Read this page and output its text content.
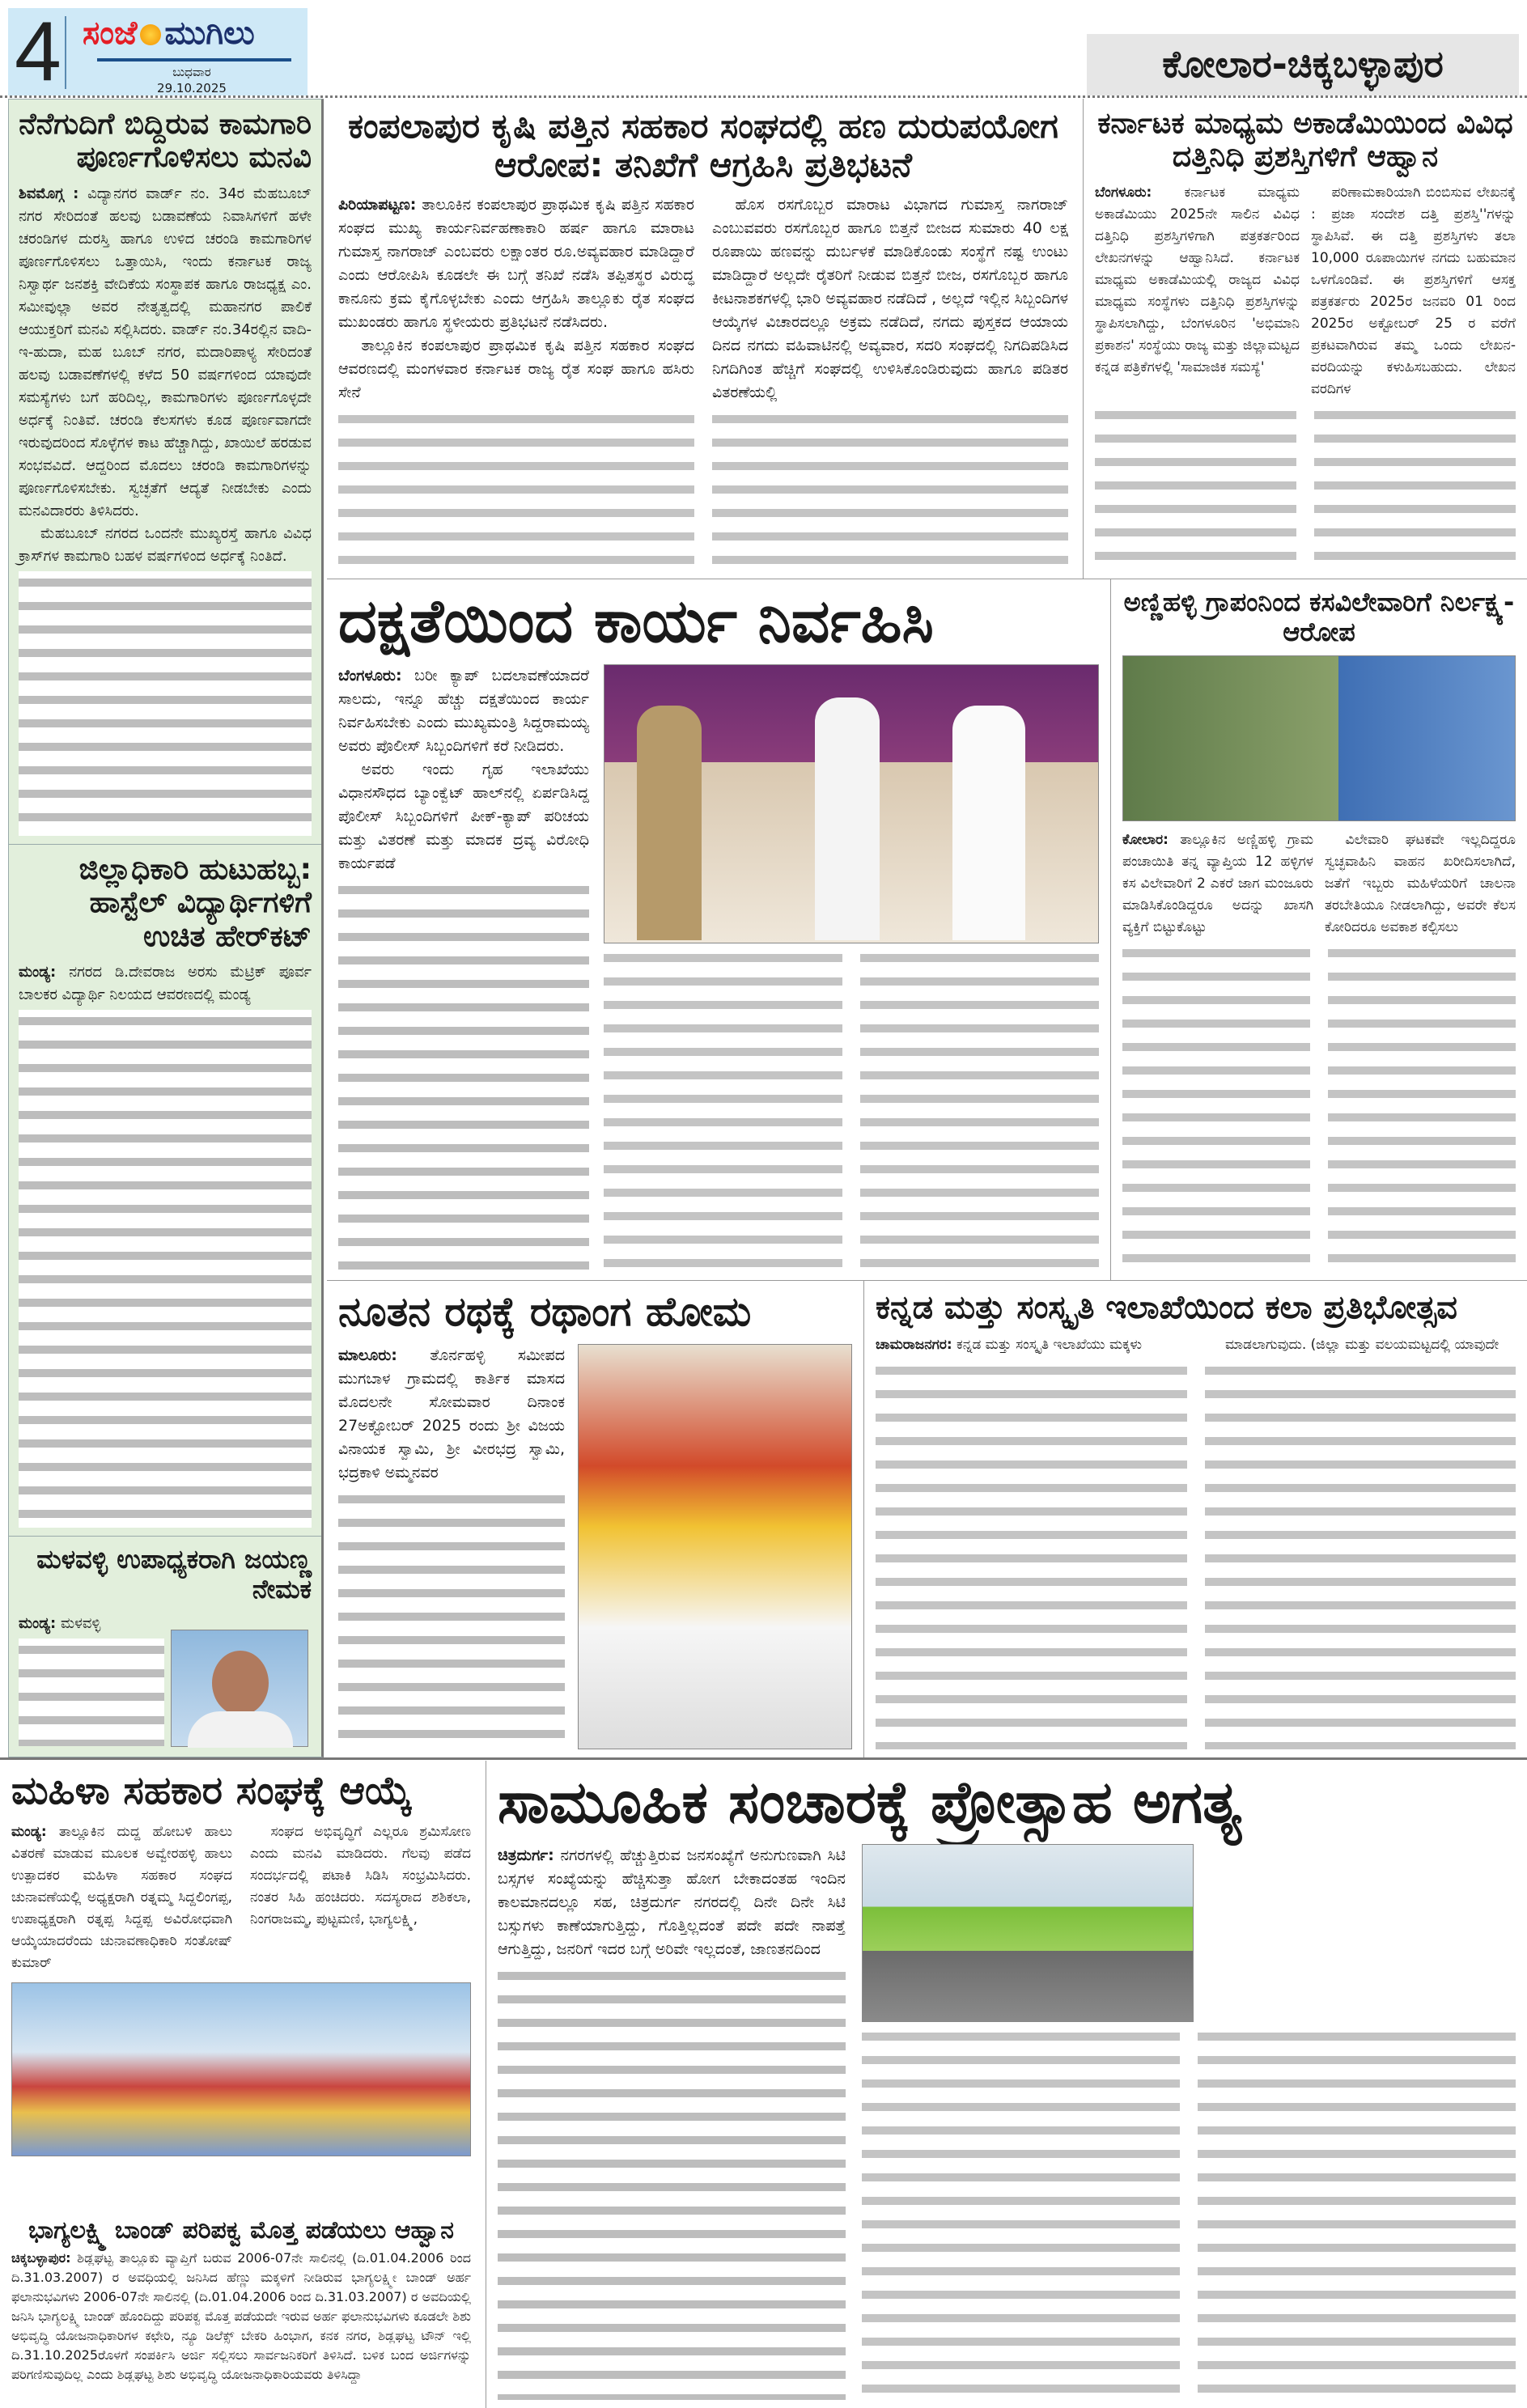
4 ಸಂಜೆ ಮುಗಿಲು
ಬುಧವಾರ
29.10.2025
ಕೋಲಾರ-ಚಿಕ್ಕಬಳ್ಳಾಪುರ
ನೆನೆಗುದಿಗೆ ಬಿದ್ದಿರುವ ಕಾಮಗಾರಿ ಪೂರ್ಣಗೊಳಿಸಲು ಮನವಿ

ಶಿವಮೊಗ್ಗ : ವಿದ್ಯಾನಗರ ವಾರ್ಡ್ ನಂ. 34ರ ಮೆಹಬೂಬ್ ನಗರ ಸೇರಿದಂತೆ ಹಲವು ಬಡಾವಣೆಯ ನಿವಾಸಿಗಳಿಗೆ ಹಳೇ ಚರಂಡಿಗಳ ದುರಸ್ತಿ ಹಾಗೂ ಉಳಿದ ಚರಂಡಿ ಕಾಮಗಾರಿಗಳ ಪೂರ್ಣಗೊಳಿಸಲು ಒತ್ತಾಯಿಸಿ, ಇಂದು ಕರ್ನಾಟಕ ರಾಜ್ಯ ನಿಸ್ವಾರ್ಥ ಜನಶಕ್ತಿ ವೇದಿಕೆಯ ಸಂಸ್ಥಾಪಕ ಹಾಗೂ ರಾಜಧ್ಯಕ್ಷ ಎಂ. ಸಮೀವುಲ್ಲಾ ಅವರ ನೇತೃತ್ವದಲ್ಲಿ ಮಹಾನಗರ ಪಾಲಿಕೆ ಆಯುಕ್ತರಿಗೆ ಮನವಿ ಸಲ್ಲಿಸಿದರು. ವಾರ್ಡ್ ನಂ.34ರಲ್ಲಿನ ವಾದಿ-ಇ-ಹುದಾ, ಮಹ ಬೂಬ್ ನಗರ, ಮದಾರಿಪಾಳ್ಯ ಸೇರಿದಂತೆ ಹಲವು ಬಡಾವಣೆಗಳಲ್ಲಿ ಕಳೆದ 50 ವರ್ಷಗಳಿಂದ ಯಾವುದೇ ಸಮಸ್ಯೆಗಳು ಬಗೆ ಹರಿದಿಲ್ಲ, ಕಾಮಗಾರಿಗಳು ಪೂರ್ಣಗೊಳ್ಳದೇ ಅರ್ಧಕ್ಕೆ ನಿಂತಿವೆ. ಚರಂಡಿ ಕೆಲಸಗಳು ಕೂಡ ಪೂರ್ಣವಾಗದೇ ಇರುವುದರಿಂದ ಸೊಳ್ಳೆಗಳ ಕಾಟ ಹೆಚ್ಚಾಗಿದ್ದು, ಖಾಯಿಲೆ ಹರಡುವ ಸಂಭವವಿದೆ. ಆದ್ದರಿಂದ ಮೊದಲು ಚರಂಡಿ ಕಾಮಗಾರಿಗಳನ್ನು ಪೂರ್ಣಗೊಳಿಸಬೇಕು. ಸ್ವಚ್ಛತೆಗೆ ಆದ್ಯತೆ ನೀಡಬೇಕು ಎಂದು ಮನವಿದಾರರು ತಿಳಿಸಿದರು.

ಮೆಹಬೂಬ್ ನಗರದ ಒಂದನೇ ಮುಖ್ಯರಸ್ತೆ ಹಾಗೂ ವಿವಿಧ ಕ್ರಾಸ್‌ಗಳ ಕಾಮಗಾರಿ ಬಹಳ ವರ್ಷಗಳಿಂದ ಅರ್ಧಕ್ಕೆ ನಿಂತಿದೆ.

ಜಿಲ್ಲಾಧಿಕಾರಿ ಹುಟುಹಬ್ಬ: ಹಾಸ್ಟೆಲ್ ವಿದ್ಯಾರ್ಥಿಗಳಿಗೆ ಉಚಿತ ಹೇರ್‌ಕಟ್

ಮಂಡ್ಯ: ನಗರದ ಡಿ.ದೇವರಾಜ ಅರಸು ಮೆಟ್ರಿಕ್ ಪೂರ್ವ ಬಾಲಕರ ವಿದ್ಯಾರ್ಥಿ ನಿಲಯದ ಆವರಣದಲ್ಲಿ ಮಂಡ್ಯ

ಮಳವಳ್ಳಿ ಉಪಾಧ್ಯಕರಾಗಿ ಜಯಣ್ಣ ನೇಮಕ

ಮಂಡ್ಯ: ಮಳವಳ್ಳಿ

ಕಂಪಲಾಪುರ ಕೃಷಿ ಪತ್ತಿನ ಸಹಕಾರ ಸಂಘದಲ್ಲಿ ಹಣ ದುರುಪಯೋಗ ಆರೋಪ: ತನಿಖೆಗೆ ಆಗ್ರಹಿಸಿ ಪ್ರತಿಭಟನೆ

ಪಿರಿಯಾಪಟ್ಟಣ: ತಾಲೂಕಿನ ಕಂಪಲಾಪುರ ಪ್ರಾಥಮಿಕ ಕೃಷಿ ಪತ್ತಿನ ಸಹಕಾರ ಸಂಘದ ಮುಖ್ಯ ಕಾರ್ಯನಿರ್ವಹಣಾಕಾರಿ ಹರ್ಷ ಹಾಗೂ ಮಾರಾಟ ಗುಮಾಸ್ತ ನಾಗರಾಜ್ ಎಂಬವರು ಲಕ್ಷಾಂತರ ರೂ.ಅವ್ಯವಹಾರ ಮಾಡಿದ್ದಾರೆ ಎಂದು ಆರೋಪಿಸಿ ಕೂಡಲೇ ಈ ಬಗ್ಗೆ ತನಿಖೆ ನಡೆಸಿ ತಪ್ಪಿತಸ್ಥರ ವಿರುದ್ಧ ಕಾನೂನು ಕ್ರಮ ಕೈಗೊಳ್ಳಬೇಕು ಎಂದು ಆಗ್ರಹಿಸಿ ತಾಲ್ಲೂಕು ರೈತ ಸಂಘದ ಮುಖಂಡರು ಹಾಗೂ ಸ್ಥಳೀಯರು ಪ್ರತಿಭಟನೆ ನಡೆಸಿದರು.

ತಾಲ್ಲೂಕಿನ ಕಂಪಲಾಪುರ ಪ್ರಾಥಮಿಕ ಕೃಷಿ ಪತ್ತಿನ ಸಹಕಾರ ಸಂಘದ ಆವರಣದಲ್ಲಿ ಮಂಗಳವಾರ ಕರ್ನಾಟಕ ರಾಜ್ಯ ರೈತ ಸಂಘ ಹಾಗೂ ಹಸಿರು ಸೇನೆ

ಹೊಸ ರಸಗೊಬ್ಬರ ಮಾರಾಟ ವಿಭಾಗದ ಗುಮಾಸ್ತ ನಾಗರಾಜ್ ಎಂಬುವವರು ರಸಗೊಬ್ಬರ ಹಾಗೂ ಬಿತ್ತನೆ ಬೀಜದ ಸುಮಾರು 40 ಲಕ್ಷ ರೂಪಾಯಿ ಹಣವನ್ನು ದುರ್ಬಳಕೆ ಮಾಡಿಕೊಂಡು ಸಂಸ್ಥೆಗೆ ನಷ್ಟ ಉಂಟು ಮಾಡಿದ್ದಾರೆ ಅಲ್ಲದೇ ರೈತರಿಗೆ ನೀಡುವ ಬಿತ್ತನೆ ಬೀಜ, ರಸಗೊಬ್ಬರ ಹಾಗೂ ಕೀಟನಾಶಕಗಳಲ್ಲಿ ಭಾರಿ ಅವ್ಯವಹಾರ ನಡೆದಿದೆ , ಅಲ್ಲದೆ ಇಲ್ಲಿನ ಸಿಬ್ಬಂದಿಗಳ ಆಯ್ಕೆಗಳ ವಿಚಾರದಲ್ಲೂ ಅಕ್ರಮ ನಡೆದಿದೆ, ನಗದು ಪುಸ್ತಕದ ಆಯಾಯ ದಿನದ ನಗದು ವಹಿವಾಟಿನಲ್ಲಿ ಅವ್ಯವಾರ, ಸದರಿ ಸಂಘದಲ್ಲಿ ನಿಗದಿಪಡಿಸಿದ ನಿಗದಿಗಿಂತ ಹೆಚ್ಚಿಗೆ ಸಂಘದಲ್ಲಿ ಉಳಿಸಿಕೊಂಡಿರುವುದು ಹಾಗೂ ಪಡಿತರ ವಿತರಣೆಯಲ್ಲಿ

ಕರ್ನಾಟಕ ಮಾಧ್ಯಮ ಅಕಾಡೆಮಿಯಿಂದ ವಿವಿಧ ದತ್ತಿನಿಧಿ ಪ್ರಶಸ್ತಿಗಳಿಗೆ ಆಹ್ವಾನ

ಬೆಂಗಳೂರು: ಕರ್ನಾಟಕ ಮಾಧ್ಯಮ ಅಕಾಡೆಮಿಯು 2025ನೇ ಸಾಲಿನ ವಿವಿಧ ದತ್ತಿನಿಧಿ ಪ್ರಶಸ್ತಿಗಳಿಗಾಗಿ ಪತ್ರಕರ್ತರಿಂದ ಲೇಖನಗಳನ್ನು ಆಹ್ವಾನಿಸಿದೆ. ಕರ್ನಾಟಕ ಮಾಧ್ಯಮ ಅಕಾಡೆಮಿಯಲ್ಲಿ ರಾಜ್ಯದ ವಿವಿಧ ಮಾಧ್ಯಮ ಸಂಸ್ಥೆಗಳು ದತ್ತಿನಿಧಿ ಪ್ರಶಸ್ತಿಗಳನ್ನು ಸ್ಥಾಪಿಸಲಾಗಿದ್ದು, ಬೆಂಗಳೂರಿನ 'ಅಭಿಮಾನಿ ಪ್ರಕಾಶನ' ಸಂಸ್ಥೆಯು ರಾಜ್ಯ ಮತ್ತು ಜಿಲ್ಲಾಮಟ್ಟದ ಕನ್ನಡ ಪತ್ರಿಕೆಗಳಲ್ಲಿ 'ಸಾಮಾಜಿಕ ಸಮಸ್ಯೆ'

ಪರಿಣಾಮಕಾರಿಯಾಗಿ ಬಿಂಬಿಸುವ ಲೇಖನಕ್ಕೆ : ಪ್ರಜಾ ಸಂದೇಶ ದತ್ತಿ ಪ್ರಶಸ್ತಿ''ಗಳನ್ನು ಸ್ಥಾಪಿಸಿವೆ. ಈ ದತ್ತಿ ಪ್ರಶಸ್ತಿಗಳು ತಲಾ 10,000 ರೂಪಾಯಿಗಳ ನಗದು ಬಹುಮಾನ ಒಳಗೊಂಡಿವೆ. ಈ ಪ್ರಶಸ್ತಿಗಳಿಗೆ ಆಸಕ್ತ ಪತ್ರಕರ್ತರು 2025ರ ಜನವರಿ 01 ರಿಂದ 2025ರ ಅಕ್ಟೋಬರ್ 25 ರ ವರೆಗೆ ಪ್ರಕಟವಾಗಿರುವ ತಮ್ಮ ಒಂದು ಲೇಖನ-ವರದಿಯನ್ನು ಕಳುಹಿಸಬಹುದು. ಲೇಖನ ವರದಿಗಳ

ದಕ್ಷತೆಯಿಂದ ಕಾರ್ಯ ನಿರ್ವಹಿಸಿ

ಬೆಂಗಳೂರು: ಬರೀ ಕ್ಯಾಪ್ ಬದಲಾವಣೆಯಾದರೆ ಸಾಲದು, ಇನ್ನೂ ಹೆಚ್ಚು ದಕ್ಷತೆಯಿಂದ ಕಾರ್ಯ ನಿರ್ವಹಿಸಬೇಕು ಎಂದು ಮುಖ್ಯಮಂತ್ರಿ ಸಿದ್ದರಾಮಯ್ಯ ಅವರು ಪೊಲೀಸ್ ಸಿಬ್ಬಂದಿಗಳಿಗೆ ಕರೆ ನೀಡಿದರು.

ಅವರು ಇಂದು ಗೃಹ ಇಲಾಖೆಯು ವಿಧಾನಸೌಧದ ಬ್ಯಾಂಕ್ವೆಟ್ ಹಾಲ್‌ನಲ್ಲಿ ಏರ್ಪಡಿಸಿದ್ದ ಪೊಲೀಸ್ ಸಿಬ್ಬಂದಿಗಳಿಗೆ ಪೀಕ್-ಕ್ಯಾಪ್ ಪರಿಚಯ ಮತ್ತು ವಿತರಣೆ ಮತ್ತು ಮಾದಕ ದ್ರವ್ಯ ವಿರೋಧಿ ಕಾರ್ಯಪಡೆ

ಅಣ್ಣಿಹಳ್ಳಿ ಗ್ರಾಪಂನಿಂದ ಕಸವಿಲೇವಾರಿಗೆ ನಿರ್ಲಕ್ಷ್ಯ-ಆರೋಪ

ಕೋಲಾರ: ತಾಲ್ಲೂಕಿನ ಅಣ್ಣಿಹಳ್ಳಿ ಗ್ರಾಮ ಪಂಚಾಯಿತಿ ತನ್ನ ವ್ಯಾಪ್ತಿಯ 12 ಹಳ್ಳಿಗಳ ಕಸ ವಿಲೇವಾರಿಗೆ 2 ಎಕರೆ ಜಾಗ ಮಂಜೂರು ಮಾಡಿಸಿಕೊಂಡಿದ್ದರೂ ಅದನ್ನು ಖಾಸಗಿ ವ್ಯಕ್ತಿಗೆ ಬಿಟ್ಟುಕೊಟ್ಟು

ವಿಲೇವಾರಿ ಘಟಕವೇ ಇಲ್ಲದಿದ್ದರೂ ಸ್ವಚ್ಛವಾಹಿನಿ ವಾಹನ ಖರೀದಿಸಲಾಗಿದೆ, ಜತೆಗೆ ಇಬ್ಬರು ಮಹಿಳೆಯರಿಗೆ ಚಾಲನಾ ತರಬೇತಿಯೂ ನೀಡಲಾಗಿದ್ದು, ಅವರೇ ಕೆಲಸ ಕೋರಿದರೂ ಅವಕಾಶ ಕಲ್ಪಿಸಲು

ನೂತನ ರಥಕ್ಕೆ ರಥಾಂಗ ಹೋಮ

ಮಾಲೂರು: ತೊರ್ನಹಳ್ಳಿ ಸಮೀಪದ ಮುಗಬಾಳ ಗ್ರಾಮದಲ್ಲಿ ಕಾರ್ತಿಕ ಮಾಸದ ಮೊದಲನೇ ಸೋಮವಾರ ದಿನಾಂಕ 27ಅಕ್ಟೋಬರ್ 2025 ರಂದು ಶ್ರೀ ವಿಜಯ ವಿನಾಯಕ ಸ್ವಾಮಿ, ಶ್ರೀ ವೀರಭದ್ರ ಸ್ವಾಮಿ, ಭದ್ರಕಾಳಿ ಅಮ್ಮನವರ

ಕನ್ನಡ ಮತ್ತು ಸಂಸ್ಕೃತಿ ಇಲಾಖೆಯಿಂದ ಕಲಾ ಪ್ರತಿಭೋತ್ಸವ

ಚಾಮರಾಜನಗರ: ಕನ್ನಡ ಮತ್ತು ಸಂಸ್ಕೃತಿ ಇಲಾಖೆಯು ಮಕ್ಕಳು	ಮಾಡಲಾಗುವುದು. (ಜಿಲ್ಲಾ ಮತ್ತು ವಲಯಮಟ್ಟದಲ್ಲಿ ಯಾವುದೇ

ಮಹಿಳಾ ಸಹಕಾರ ಸಂಘಕ್ಕೆ ಆಯ್ಕೆ

ಮಂಡ್ಯ: ತಾಲ್ಲೂಕಿನ ದುದ್ದ ಹೋಬಳಿ ಹಾಲು ವಿತರಣೆ ಮಾಡುವ ಮೂಲಕ ಅವ್ವೇರಹಳ್ಳಿ ಹಾಲು ಉತ್ಪಾದಕರ ಮಹಿಳಾ ಸಹಕಾರ ಸಂಘದ ಚುನಾವಣೆಯಲ್ಲಿ ಅಧ್ಯಕ್ಷರಾಗಿ ರತ್ನಮ್ಮ ಸಿದ್ದಲಿಂಗಪ್ಪ, ಉಪಾಧ್ಯಕ್ಷರಾಗಿ ರತ್ನಪ್ಪ ಸಿದ್ದಪ್ಪ ಅವಿರೋಧವಾಗಿ ಆಯ್ಕೆಯಾದರೆಂದು ಚುನಾವಣಾಧಿಕಾರಿ ಸಂತೋಷ್ ಕುಮಾರ್

ಸಂಘದ ಅಭಿವೃದ್ಧಿಗೆ ಎಲ್ಲರೂ ಶ್ರಮಿಸೋಣ ಎಂದು ಮನವಿ ಮಾಡಿದರು. ಗೆಲವು ಪಡೆದ ಸಂದರ್ಭದಲ್ಲಿ ಪಟಾಕಿ ಸಿಡಿಸಿ ಸಂಭ್ರಮಿಸಿದರು. ನಂತರ ಸಿಹಿ ಹಂಚಿದರು. ಸದಸ್ಯರಾದ ಶಶಿಕಲಾ, ನಿಂಗರಾಜಮ್ಮ, ಪುಟ್ಟಮಣಿ, ಭಾಗ್ಯಲಕ್ಷ್ಮಿ,

ಭಾಗ್ಯಲಕ್ಷ್ಮಿ ಬಾಂಡ್ ಪರಿಪಕ್ವ ಮೊತ್ತ ಪಡೆಯಲು ಆಹ್ವಾನ

ಚಿಕ್ಕಬಳ್ಳಾಪುರ: ಶಿಡ್ಲಘಟ್ಟ ತಾಲ್ಲೂಕು ವ್ಯಾಪ್ತಿಗೆ ಬರುವ 2006-07ನೇ ಸಾಲಿನಲ್ಲಿ (ದಿ.01.04.2006 ರಿಂದ ದಿ.31.03.2007) ರ ಅವಧಿಯಲ್ಲಿ ಜನಿಸಿದ ಹೆಣ್ಣು ಮಕ್ಕಳಿಗೆ ನೀಡಿರುವ ಭಾಗ್ಯಲಕ್ಷ್ಮೀ ಬಾಂಡ್ ಅರ್ಹ ಫಲಾನುಭವಿಗಳು 2006-07ನೇ ಸಾಲಿನಲ್ಲಿ (ದಿ.01.04.2006 ರಿಂದ ದಿ.31.03.2007) ರ ಅವದಿಯಲ್ಲಿ ಜನಿಸಿ ಭಾಗ್ಯಲಕ್ಷ್ಮಿ ಬಾಂಡ್ ಹೊಂದಿದ್ದು ಪರಿಪಕ್ವ ಮೊತ್ತ ಪಡೆಯದೇ ಇರುವ ಅರ್ಹ ಫಲಾನುಭವಿಗಳು ಕೂಡಲೇ ಶಿಶು ಅಭಿವೃದ್ಧಿ ಯೋಜನಾಧಿಕಾರಿಗಳ ಕಛೇರಿ, ನ್ಯೂ ಡಿಲೆಕ್ಸ್ ಬೇಕರಿ ಹಿಂಭಾಗ, ಕನಕ ನಗರ, ಶಿಡ್ಲಘಟ್ಟ ಟೌನ್ ಇಲ್ಲಿ ದಿ.31.10.2025ರೊಳಗೆ ಸಂಪರ್ಕಿಸಿ ಅರ್ಜಿ ಸಲ್ಲಿಸಲು ಸಾರ್ವಜನಿಕರಿಗೆ ತಿಳಿಸಿದೆ. ಬಳಿಕ ಬಂದ ಅರ್ಜಿಗಳನ್ನು ಪರಿಗಣಿಸುವುದಿಲ್ಲ ಎಂದು ಶಿಡ್ಲಘಟ್ಟ ಶಿಶು ಅಭಿವೃದ್ಧಿ ಯೋಜನಾಧಿಕಾರಿಯವರು ತಿಳಿಸಿದ್ದಾ

ಸಾಮೂಹಿಕ ಸಂಚಾರಕ್ಕೆ ಪ್ರೋತ್ಸಾಹ ಅಗತ್ಯ

ಚಿತ್ರದುರ್ಗ: ನಗರಗಳಲ್ಲಿ ಹೆಚ್ಚುತ್ತಿರುವ ಜನಸಂಖ್ಯೆಗೆ ಅನುಗುಣವಾಗಿ ಸಿಟಿ ಬಸ್ಸಗಳ ಸಂಖ್ಯೆಯನ್ನು ಹೆಚ್ಚಿಸುತ್ತಾ ಹೋಗ ಬೇಕಾದಂತಹ ಇಂದಿನ ಕಾಲಮಾನದಲ್ಲೂ ಸಹ, ಚಿತ್ರದುರ್ಗ ನಗರದಲ್ಲಿ ದಿನೇ ದಿನೇ ಸಿಟಿ ಬಸ್ಸುಗಳು ಕಾಣೆಯಾಗುತ್ತಿದ್ದು, ಗೊತ್ತಿಲ್ಲದಂತೆ ಪದೇ ಪದೇ ನಾಪತ್ತೆ ಆಗುತ್ತಿದ್ದು, ಜನರಿಗೆ ಇದರ ಬಗ್ಗೆ ಅರಿವೇ ಇಲ್ಲದಂತೆ, ಜಾಣತನದಿಂದ
